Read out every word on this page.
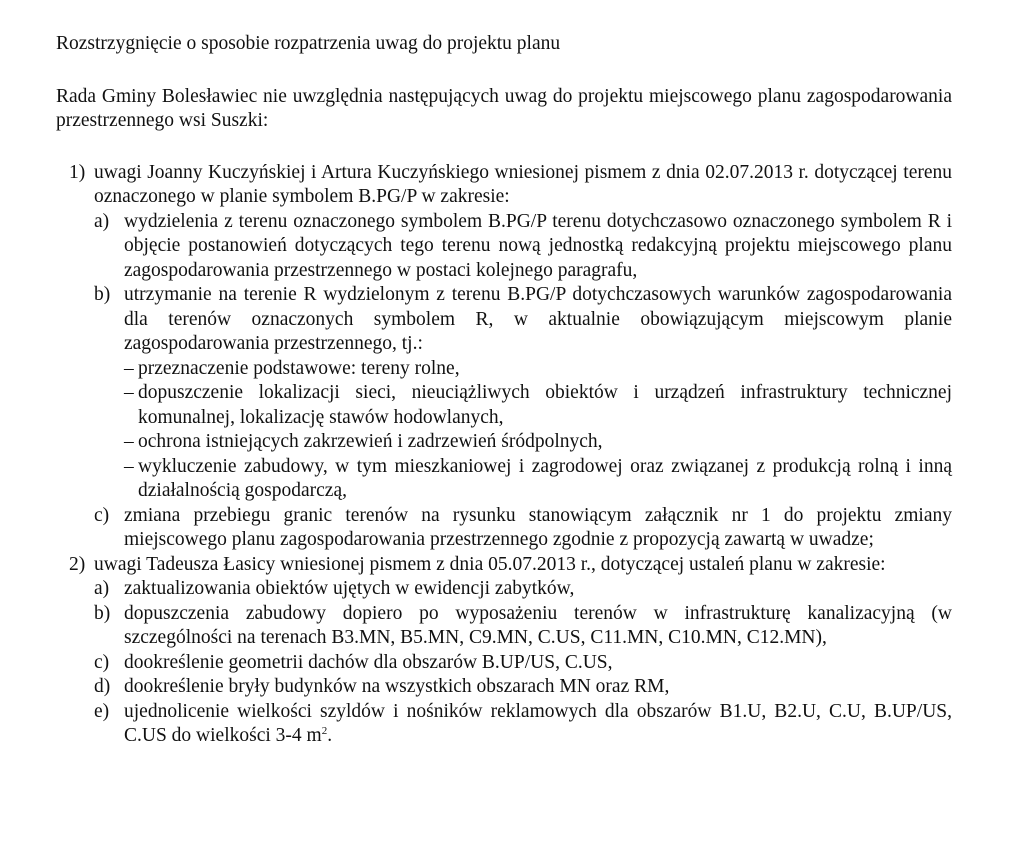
Rozstrzygnięcie o sposobie rozpatrzenia uwag do projektu planu

Rada Gminy Bolesławiec nie uwzględnia następujących uwag do projektu miejscowego planu zagospodarowania przestrzennego wsi Suszki:

1) uwagi Joanny Kuczyńskiej i Artura Kuczyńskiego wniesionej pismem z dnia 02.07.2013 r. dotyczącej terenu oznaczonego w planie symbolem B.PG/P w zakresie:
a) wydzielenia z terenu oznaczonego symbolem B.PG/P terenu dotychczasowo oznaczonego symbolem R i objęcie postanowień dotyczących tego terenu nową jednostką redakcyjną projektu miejscowego planu zagospodarowania przestrzennego w postaci kolejnego paragrafu,
b) utrzymanie na terenie R wydzielonym z terenu B.PG/P dotychczasowych warunków zagospodarowania dla terenów oznaczonych symbolem R, w aktualnie obowiązującym miejscowym planie zagospodarowania przestrzennego, tj.:
– przeznaczenie podstawowe: tereny rolne,
– dopuszczenie lokalizacji sieci, nieuciążliwych obiektów i urządzeń infrastruktury technicznej komunalnej, lokalizację stawów hodowlanych,
– ochrona istniejących zakrzewień i zadrzewień śródpolnych,
– wykluczenie zabudowy, w tym mieszkaniowej i zagrodowej oraz związanej z produkcją rolną i inną działalnością gospodarczą,
c) zmiana przebiegu granic terenów na rysunku stanowiącym załącznik nr 1 do projektu zmiany miejscowego planu zagospodarowania przestrzennego zgodnie z propozycją zawartą w uwadze;
2) uwagi Tadeusza Łasicy wniesionej pismem z dnia 05.07.2013 r., dotyczącej ustaleń planu w zakresie:
a) zaktualizowania obiektów ujętych w ewidencji zabytków,
b) dopuszczenia zabudowy dopiero po wyposażeniu terenów w infrastrukturę kanalizacyjną (w szczególności na terenach B3.MN, B5.MN, C9.MN, C.US, C11.MN, C10.MN, C12.MN),
c) dookreślenie geometrii dachów dla obszarów B.UP/US, C.US,
d) dookreślenie bryły budynków na wszystkich obszarach MN oraz RM,
e) ujednolicenie wielkości szyldów i nośników reklamowych dla obszarów B1.U, B2.U, C.U, B.UP/US, C.US do wielkości 3-4 $m^2$.
